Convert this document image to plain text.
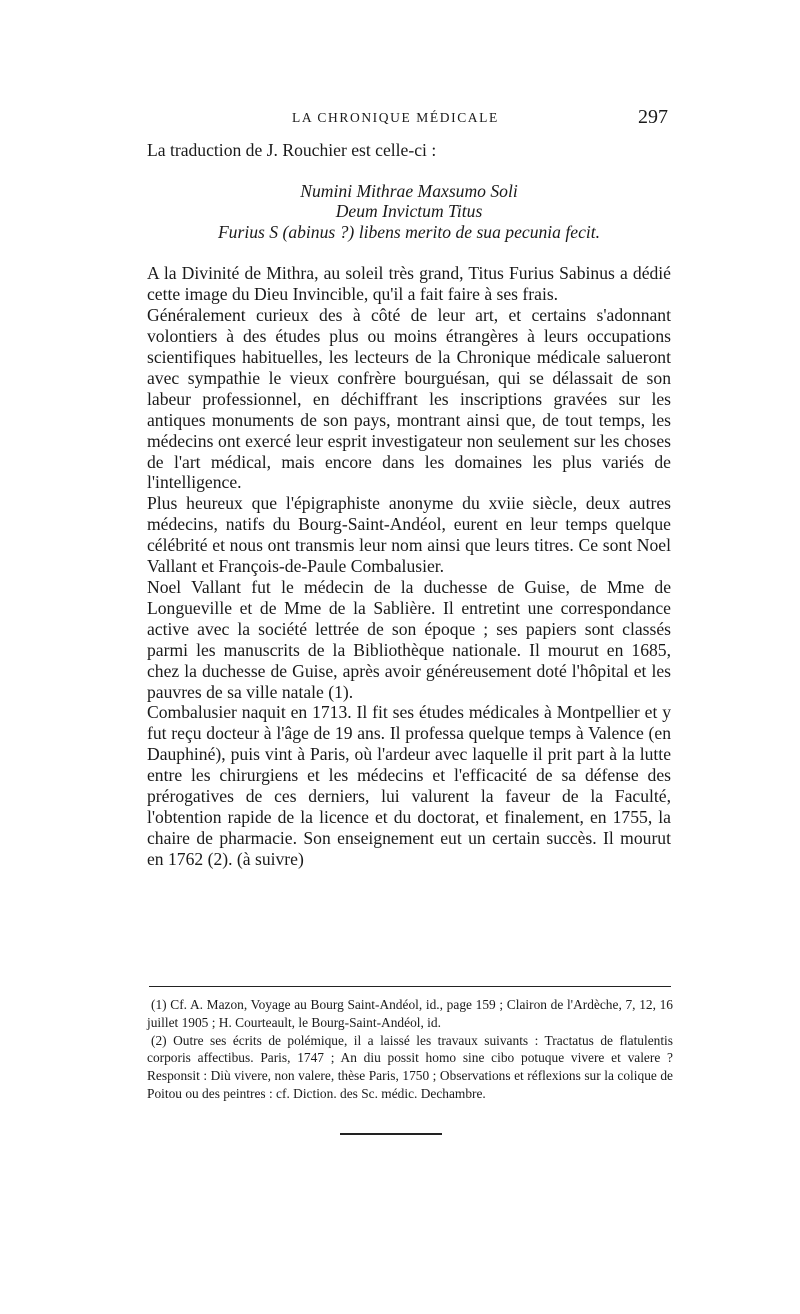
LA CHRONIQUE MÉDICALE	297

La traduction de J. Rouchier est celle-ci :

Numini Mithrae Maxsumo Soli
Deum Invictum Titus
Furius S (abinus ?) libens merito de sua pecunia fecit.

A la Divinité de Mithra, au soleil très grand, Titus Furius Sabinus a dédié cette image du Dieu Invincible, qu'il a fait faire à ses frais.

Généralement curieux des à côté de leur art, et certains s'adonnant volontiers à des études plus ou moins étrangères à leurs occupations scientifiques habituelles, les lecteurs de la Chronique médicale salueront avec sympathie le vieux confrère bourguésan, qui se délassait de son labeur professionnel, en déchiffrant les inscriptions gravées sur les antiques monuments de son pays, montrant ainsi que, de tout temps, les médecins ont exercé leur esprit investigateur non seulement sur les choses de l'art médical, mais encore dans les domaines les plus variés de l'intelligence.

Plus heureux que l'épigraphiste anonyme du xviie siècle, deux autres médecins, natifs du Bourg-Saint-Andéol, eurent en leur temps quelque célébrité et nous ont transmis leur nom ainsi que leurs titres. Ce sont Noel Vallant et François-de-Paule Combalusier.

Noel Vallant fut le médecin de la duchesse de Guise, de Mme de Longueville et de Mme de la Sablière. Il entretint une correspondance active avec la société lettrée de son époque ; ses papiers sont classés parmi les manuscrits de la Bibliothèque nationale. Il mourut en 1685, chez la duchesse de Guise, après avoir généreusement doté l'hôpital et les pauvres de sa ville natale (1).

Combalusier naquit en 1713. Il fit ses études médicales à Montpellier et y fut reçu docteur à l'âge de 19 ans. Il professa quelque temps à Valence (en Dauphiné), puis vint à Paris, où l'ardeur avec laquelle il prit part à la lutte entre les chirurgiens et les médecins et l'efficacité de sa défense des prérogatives de ces derniers, lui valurent la faveur de la Faculté, l'obtention rapide de la licence et du doctorat, et finalement, en 1755, la chaire de pharmacie. Son enseignement eut un certain succès. Il mourut en 1762 (2). (à suivre)

(1) Cf. A. Mazon, Voyage au Bourg Saint-Andéol, id., page 159 ; Clairon de l'Ardèche, 7, 12, 16 juillet 1905 ; H. Courteault, le Bourg-Saint-Andéol, id.

(2) Outre ses écrits de polémique, il a laissé les travaux suivants : Tractatus de flatulentis corporis affectibus. Paris, 1747 ; An diu possit homo sine cibo potuque vivere et valere ? Responsit : Diù vivere, non valere, thèse Paris, 1750 ; Observations et réflexions sur la colique de Poitou ou des peintres : cf. Diction. des Sc. médic. Dechambre.
